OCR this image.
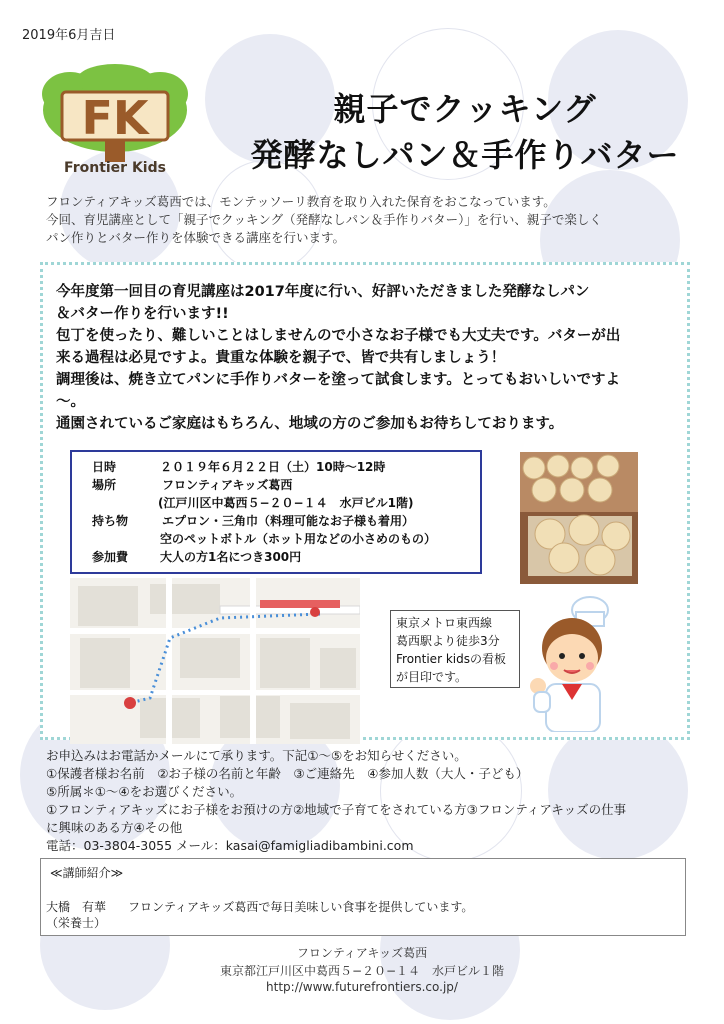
2019年6月吉日
FK
Frontier Kids
親子でクッキング
発酵なしパン＆手作りバター
フロンティアキッズ葛西では、モンテッソーリ教育を取り入れた保育をおこなっています。
今回、育児講座として「親子でクッキング（発酵なしパン＆手作りバター）」を行い、親子で楽しく
パン作りとバター作りを体験できる講座を行います。
今年度第一回目の育児講座は2017年度に行い、好評いただきました発酵なしパン
＆バター作りを行います!!
包丁を使ったり、難しいことはしませんので小さなお子様でも大丈夫です。バターが出
来る過程は必見ですよ。貴重な体験を親子で、皆で共有しましょう！
調理後は、焼き立てパンに手作りバターを塗って試食します。とってもおいしいですよ
〜。
通園されているご家庭はもちろん、地域の方のご参加もお待ちしております。
日時	２０１９年６月２２日（土）10時〜12時
場所	フロンティアキッズ葛西
(江戸川区中葛西５−２０−１４　水戸ビル1階)
持ち物	エプロン・三角巾（料理可能なお子様も着用）
空のペットボトル（ホット用などの小さめのもの）
参加費	大人の方1名につき300円
東京メトロ東西線
葛西駅より徒歩3分
Frontier kidsの看板
が目印です。
お申込みはお電話かメールにて承ります。下記①〜⑤をお知らせください。
①保護者様お名前　②お子様の名前と年齢　③ご連絡先　④参加人数（大人・子ども）
⑤所属＊①〜④をお選びください。
①フロンティアキッズにお子様をお預けの方②地域で子育てをされている方③フロンティアキッズの仕事
に興味のある方④その他
電話：03-3804-3055 メール：kasai@famigliadibambini.com
≪講師紹介≫
大橋　有華 フロンティアキッズ葛西で毎日美味しい食事を提供しています。
（栄養士）
フロンティアキッズ葛西
東京都江戸川区中葛西５−２０−１４　水戸ビル１階
http://www.futurefrontiers.co.jp/
